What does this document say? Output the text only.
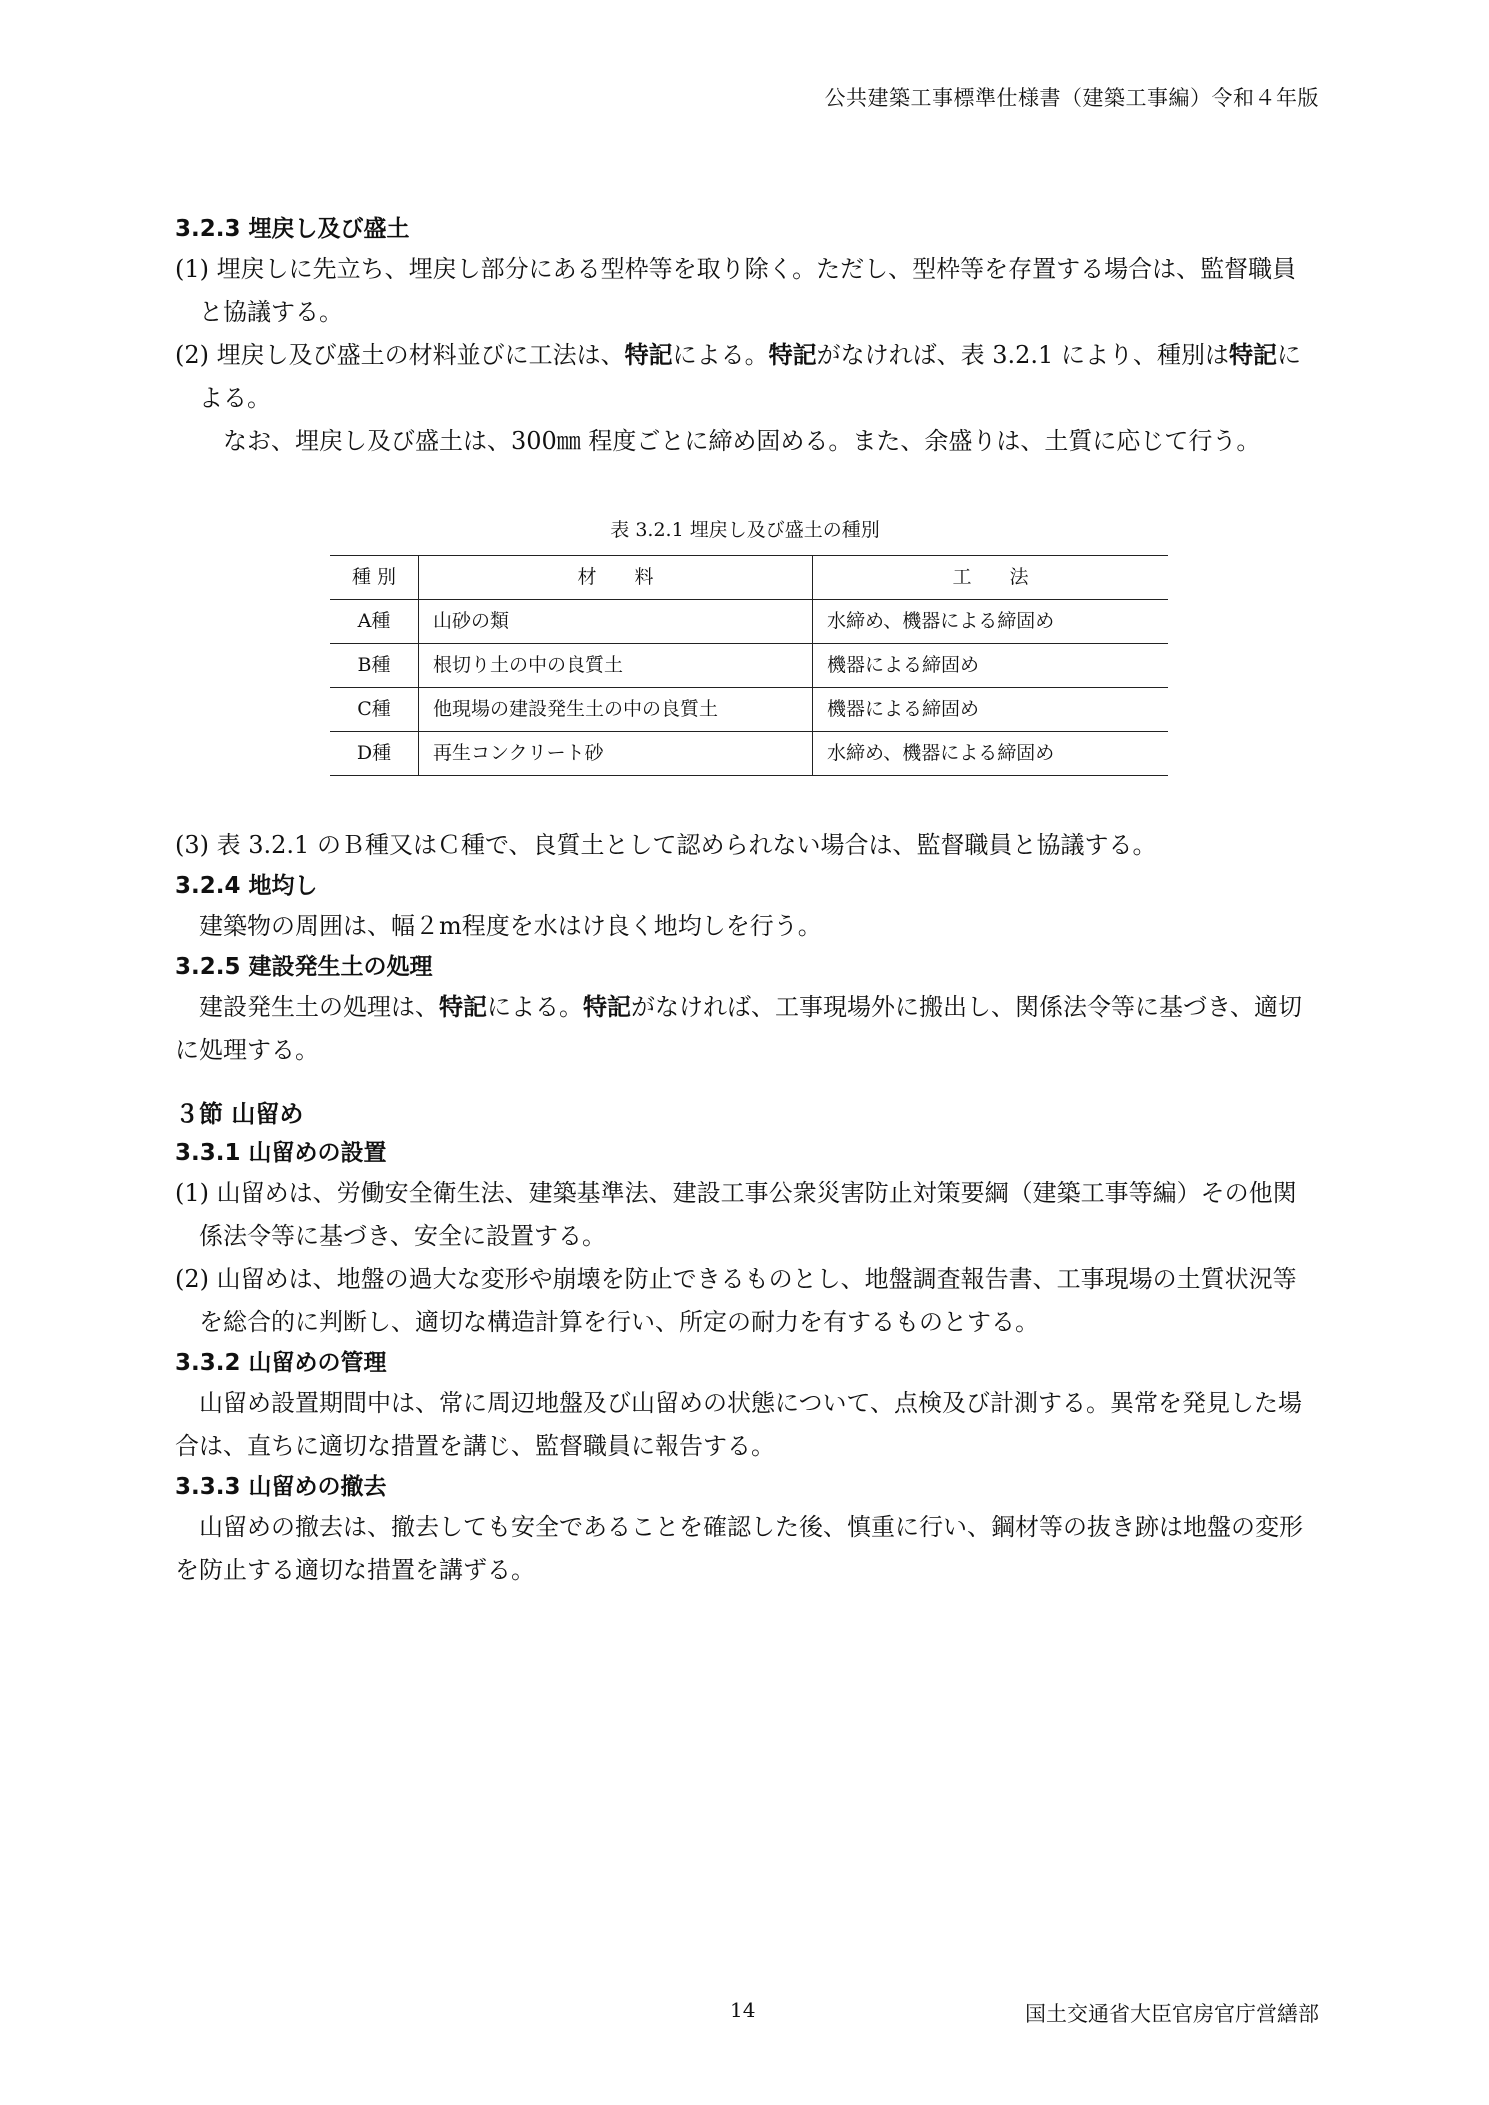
公共建築工事標準仕様書（建築工事編）令和４年版

3.2.3 埋戻し及び盛土

(1) 埋戻しに先立ち、埋戻し部分にある型枠等を取り除く。ただし、型枠等を存置する場合は、監督職員と協議する。

(2) 埋戻し及び盛土の材料並びに工法は、特記による。特記がなければ、表 3.2.1 により、種別は特記による。

なお、埋戻し及び盛土は、300㎜ 程度ごとに締め固める。また、余盛りは、土質に応じて行う。

表 3.2.1 埋戻し及び盛土の種別
種 別	材　　料	工　　法
A種	山砂の類	水締め、機器による締固め
B種	根切り土の中の良質土	機器による締固め
C種	他現場の建設発生土の中の良質土	機器による締固め
D種	再生コンクリート砂	水締め、機器による締固め

(3) 表 3.2.1 のＢ種又はＣ種で、良質土として認められない場合は、監督職員と協議する。

3.2.4 地均し

建築物の周囲は、幅２m程度を水はけ良く地均しを行う。

3.2.5 建設発生土の処理

建設発生土の処理は、特記による。特記がなければ、工事現場外に搬出し、関係法令等に基づき、適切に処理する。

３節 山留め

3.3.1 山留めの設置

(1) 山留めは、労働安全衛生法、建築基準法、建設工事公衆災害防止対策要綱（建築工事等編）その他関係法令等に基づき、安全に設置する。

(2) 山留めは、地盤の過大な変形や崩壊を防止できるものとし、地盤調査報告書、工事現場の土質状況等を総合的に判断し、適切な構造計算を行い、所定の耐力を有するものとする。

3.3.2 山留めの管理

山留め設置期間中は、常に周辺地盤及び山留めの状態について、点検及び計測する。異常を発見した場合は、直ちに適切な措置を講じ、監督職員に報告する。

3.3.3 山留めの撤去

山留めの撤去は、撤去しても安全であることを確認した後、慎重に行い、鋼材等の抜き跡は地盤の変形を防止する適切な措置を講ずる。

14	国土交通省大臣官房官庁営繕部
